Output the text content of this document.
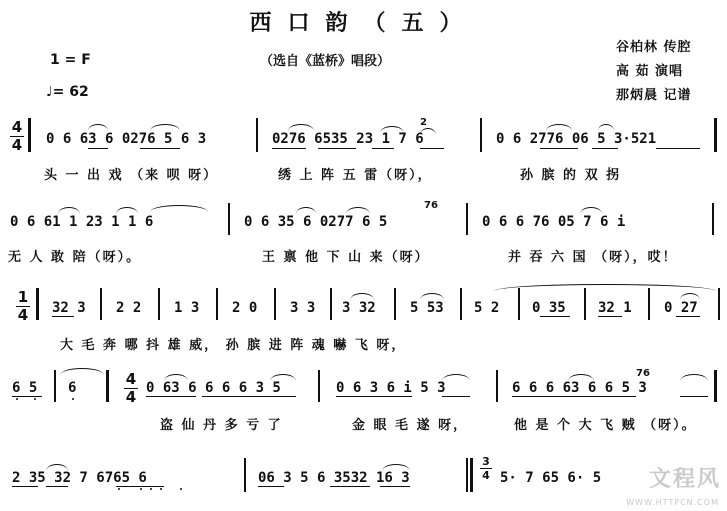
西口韵（五）
（选自《蓝桥》唱段）
1 = F
♩= 62
谷柏林 传腔
高 茹 演唱
那炳晨 记谱
4
4 0 6 63 6 0276 5 6 3	0276 6535 23 1 7 6
2
0 6 2776 06 5 3·521
头 一 出 戏 （来 呗 呀）	绣 上 阵 五 雷（呀），	孙 膑 的 双 拐
0 6 61 1 23 1 1 6	0 6 35 6 0277 6 5
76
0 6 6 76 05 7 6 i
无 人 敢 陪（呀）。	王 禀 他 下 山 来（呀）	并 吞 六 国 （呀），哎！
1
4 32 3 2 2 1 3 2 0 3 3 3 32 5 53 5 2 0 35 32 1 0 27
大 毛 奔 哪 抖 雄 威， 孙 膑 进 阵 魂 嚇 飞 呀，
6 5 6	4
4 0 63 6 6 6 6 3 5	0 6 3 6 i 5 3
76
6 6 6 63 6 6 5 3
盗 仙 丹 多 亏 了	金 眼 毛 遂 呀，	他 是 个 大 飞 贼 （呀）。
2 35 32 7 6765 6	06 3 5 6 3532 16 3
3
4 5· 7 65 6· 5 文程风
WWW.HTTPCN.COM
